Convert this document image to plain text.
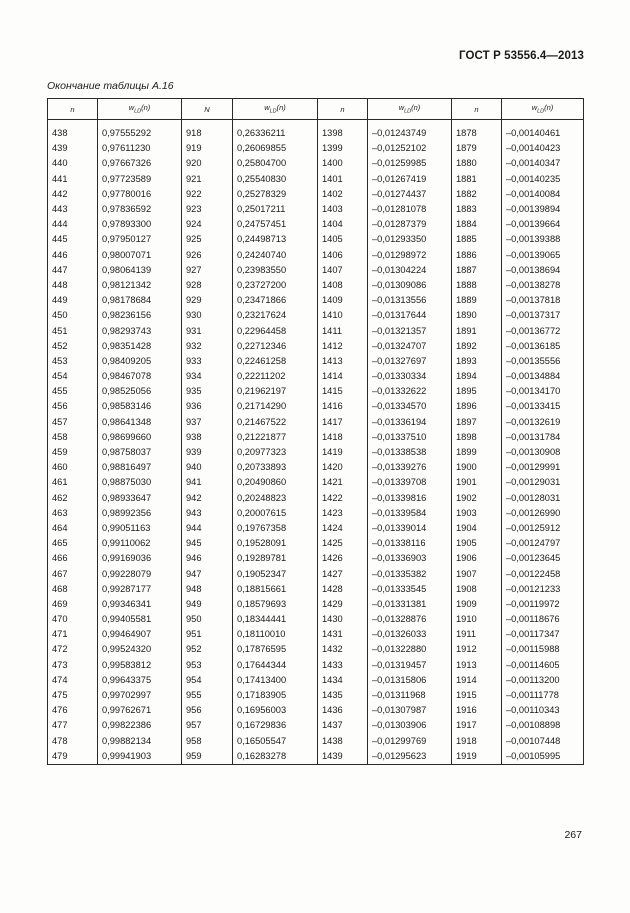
ГОСТ Р 53556.4—2013
Окончание таблицы А.16
n	$w_{LD}(n)$	N	$w_{LD}(n)$	n	$w_{LD}(n)$	n	$w_{LD}(n)$

438	0,97555292	918	0,26336211	1398	–0,01243749	1878	–0,00140461
439	0,97611230	919	0,26069855	1399	–0,01252102	1879	–0,00140423
440	0,97667326	920	0,25804700	1400	–0,01259985	1880	–0,00140347
441	0,97723589	921	0,25540830	1401	–0,01267419	1881	–0,00140235
442	0,97780016	922	0,25278329	1402	–0,01274437	1882	–0,00140084
443	0,97836592	923	0,25017211	1403	–0,01281078	1883	–0,00139894
444	0,97893300	924	0,24757451	1404	–0,01287379	1884	–0,00139664
445	0,97950127	925	0,24498713	1405	–0,01293350	1885	–0,00139388
446	0,98007071	926	0,24240740	1406	–0,01298972	1886	–0,00139065
447	0,98064139	927	0,23983550	1407	–0,01304224	1887	–0,00138694
448	0,98121342	928	0,23727200	1408	–0,01309086	1888	–0,00138278
449	0,98178684	929	0,23471866	1409	–0,01313556	1889	–0,00137818
450	0,98236156	930	0,23217624	1410	–0,01317644	1890	–0,00137317
451	0,98293743	931	0,22964458	1411	–0,01321357	1891	–0,00136772
452	0,98351428	932	0,22712346	1412	–0,01324707	1892	–0,00136185
453	0,98409205	933	0,22461258	1413	–0,01327697	1893	–0,00135556
454	0,98467078	934	0,22211202	1414	–0,01330334	1894	–0,00134884
455	0,98525056	935	0,21962197	1415	–0,01332622	1895	–0,00134170
456	0,98583146	936	0,21714290	1416	–0,01334570	1896	–0,00133415
457	0,98641348	937	0,21467522	1417	–0,01336194	1897	–0,00132619
458	0,98699660	938	0,21221877	1418	–0,01337510	1898	–0,00131784
459	0,98758037	939	0,20977323	1419	–0,01338538	1899	–0,00130908
460	0,98816497	940	0,20733893	1420	–0,01339276	1900	–0,00129991
461	0,98875030	941	0,20490860	1421	–0,01339708	1901	–0,00129031
462	0,98933647	942	0,20248823	1422	–0,01339816	1902	–0,00128031
463	0,98992356	943	0,20007615	1423	–0,01339584	1903	–0,00126990
464	0,99051163	944	0,19767358	1424	–0,01339014	1904	–0,00125912
465	0,99110062	945	0,19528091	1425	–0,01338116	1905	–0,00124797
466	0,99169036	946	0,19289781	1426	–0,01336903	1906	–0,00123645
467	0,99228079	947	0,19052347	1427	–0,01335382	1907	–0,00122458
468	0,99287177	948	0,18815661	1428	–0,01333545	1908	–0,00121233
469	0,99346341	949	0,18579693	1429	–0,01331381	1909	–0,00119972
470	0,99405581	950	0,18344441	1430	–0,01328876	1910	–0,00118676
471	0,99464907	951	0,18110010	1431	–0,01326033	1911	–0,00117347
472	0,99524320	952	0,17876595	1432	–0,01322880	1912	–0,00115988
473	0,99583812	953	0,17644344	1433	–0,01319457	1913	–0,00114605
474	0,99643375	954	0,17413400	1434	–0,01315806	1914	–0,00113200
475	0,99702997	955	0,17183905	1435	–0,01311968	1915	–0,00111778
476	0,99762671	956	0,16956003	1436	–0,01307987	1916	–0,00110343
477	0,99822386	957	0,16729836	1437	–0,01303906	1917	–0,00108898
478	0,99882134	958	0,16505547	1438	–0,01299769	1918	–0,00107448
479	0,99941903	959	0,16283278	1439	–0,01295623	1919	–0,00105995
267
